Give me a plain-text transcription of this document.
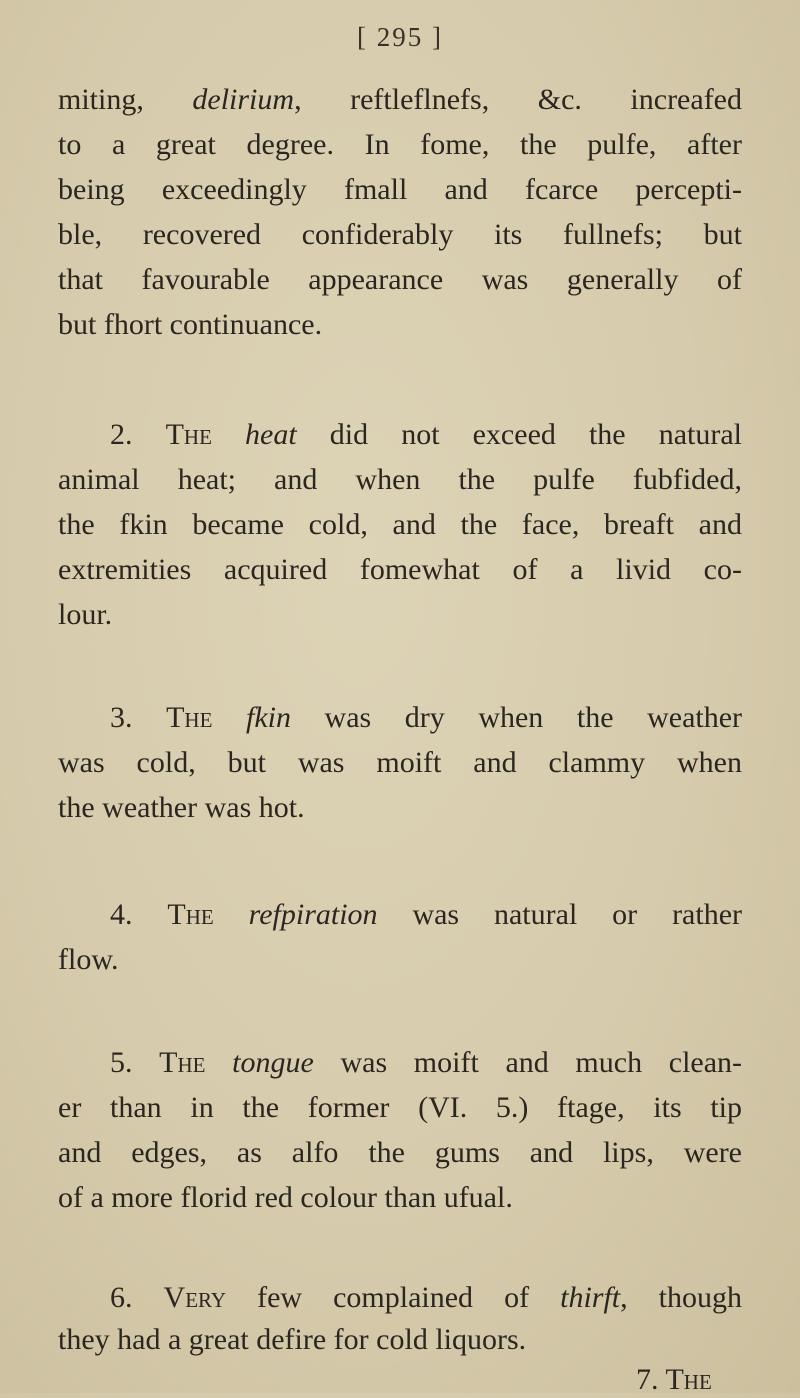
[ 295 ]
miting, delirium, reftleflnefs, &c. increafed
to a great degree. In fome, the pulfe, after
being exceedingly fmall and fcarce percepti-
ble, recovered confiderably its fullnefs; but
that favourable appearance was generally of
but fhort continuance.
2. The heat did not exceed the natural
animal heat; and when the pulfe fubfided,
the fkin became cold, and the face, breaft and
extremities acquired fomewhat of a livid co-
lour.
3. The fkin was dry when the weather
was cold, but was moift and clammy when
the weather was hot.
4. The refpiration was natural or rather
flow.
5. The tongue was moift and much clean-
er than in the former (VI. 5.) ftage, its tip
and edges, as alfo the gums and lips, were
of a more florid red colour than ufual.
6. Very few complained of thirft, though
they had a great defire for cold liquors.
7. The
